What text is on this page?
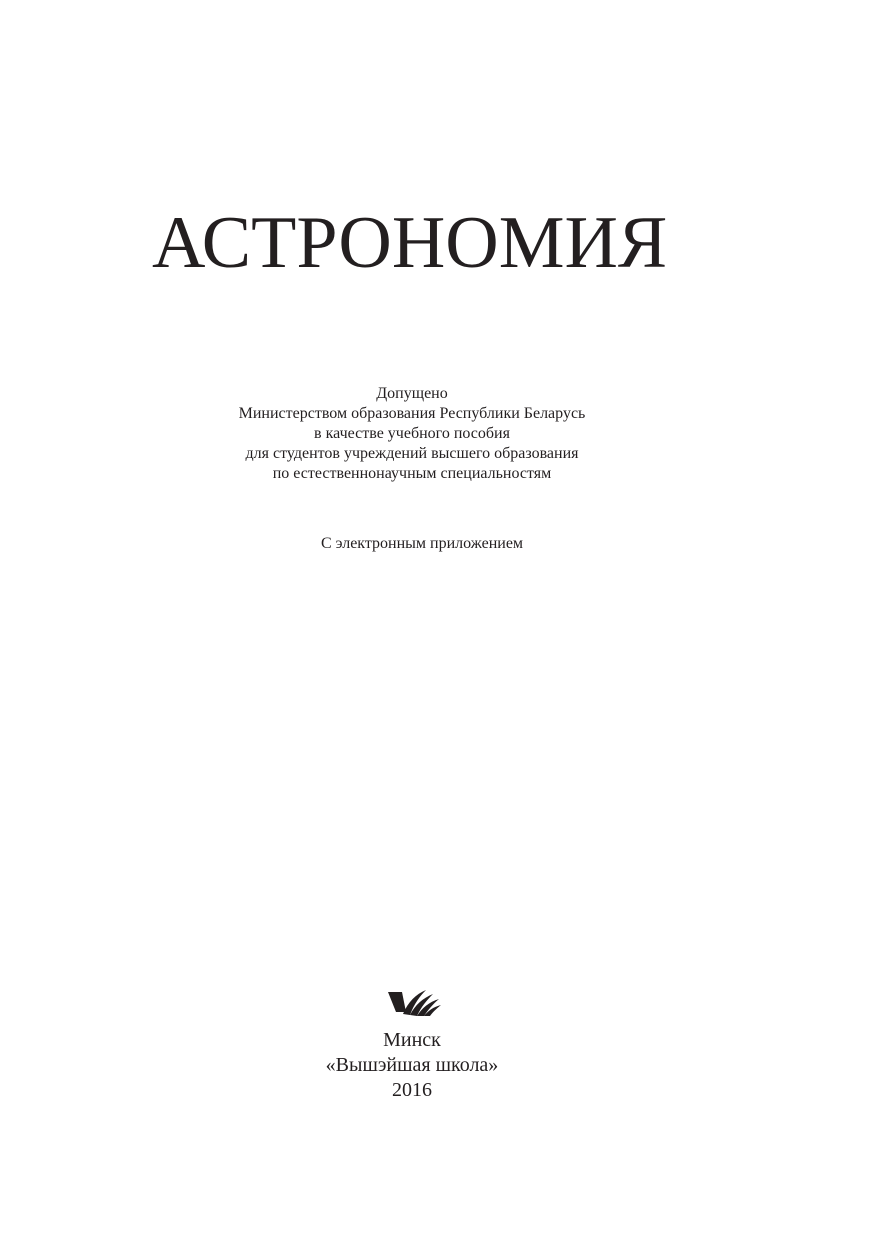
АСТРОНОМИЯ
Допущено
Министерством образования Республики Беларусь
в качестве учебного пособия
для студентов учреждений высшего образования
по естественнонаучным специальностям
С электронным приложением
Минск
«Вышэйшая школа»
2016
